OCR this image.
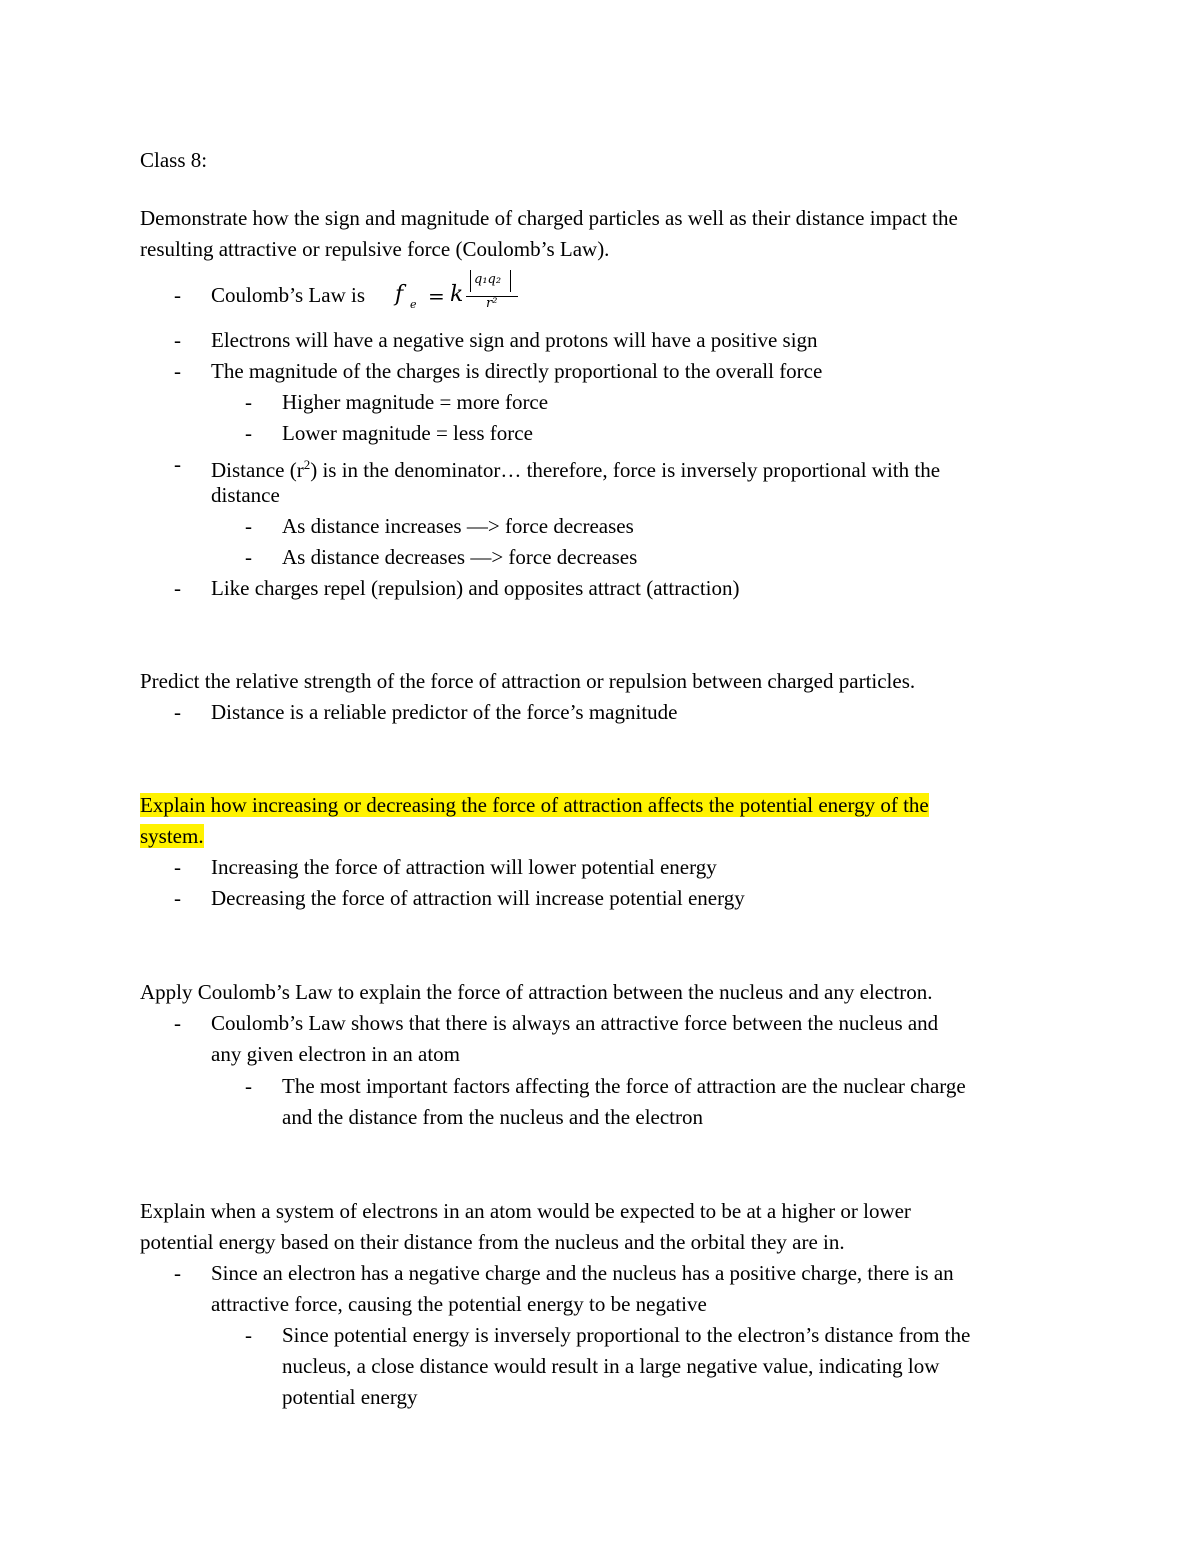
Class 8:
Demonstrate how the sign and magnitude of charged particles as well as their distance impact the
resulting attractive or repulsive force (Coulomb’s Law).
- Coulomb’s Law is f e = k
q₁q₂
r²
- Electrons will have a negative sign and protons will have a positive sign
- The magnitude of the charges is directly proportional to the overall force
- Higher magnitude = more force
- Lower magnitude = less force
- Distance $(r^2)$ is in the denominator… therefore, force is inversely proportional with the
distance
- As distance increases —> force decreases
- As distance decreases —> force decreases
- Like charges repel (repulsion) and opposites attract (attraction)
Predict the relative strength of the force of attraction or repulsion between charged particles.
- Distance is a reliable predictor of the force’s magnitude
Explain how increasing or decreasing the force of attraction affects the potential energy of the
system.
- Increasing the force of attraction will lower potential energy
- Decreasing the force of attraction will increase potential energy
Apply Coulomb’s Law to explain the force of attraction between the nucleus and any electron.
- Coulomb’s Law shows that there is always an attractive force between the nucleus and
any given electron in an atom
- The most important factors affecting the force of attraction are the nuclear charge
and the distance from the nucleus and the electron
Explain when a system of electrons in an atom would be expected to be at a higher or lower
potential energy based on their distance from the nucleus and the orbital they are in.
- Since an electron has a negative charge and the nucleus has a positive charge, there is an
attractive force, causing the potential energy to be negative
- Since potential energy is inversely proportional to the electron’s distance from the
nucleus, a close distance would result in a large negative value, indicating low
potential energy
